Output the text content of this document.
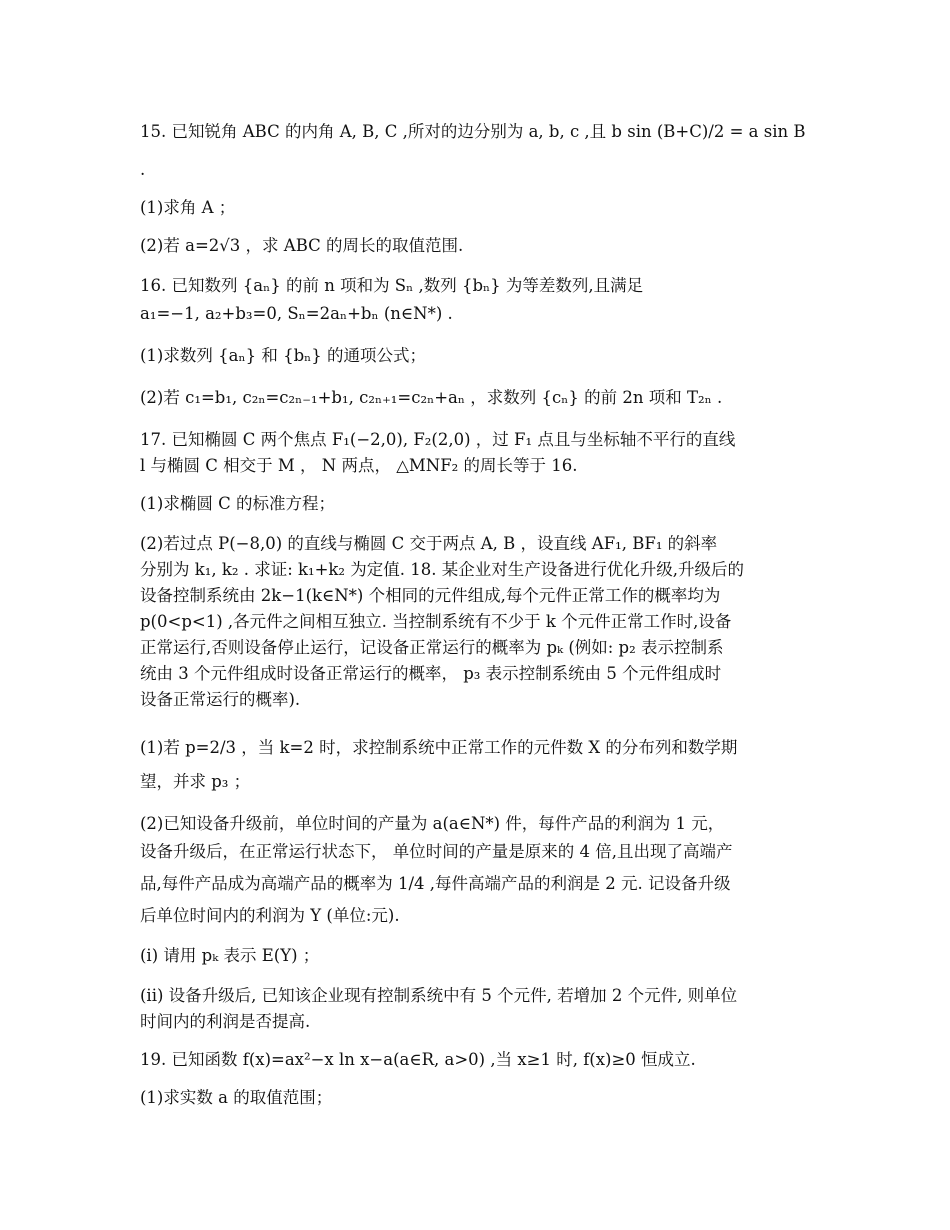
15. 已知锐角 ABC 的内角 A, B, C ,所对的边分别为 a, b, c ,且 b sin (B+C)/2 = a sin B
.
(1)求角 A ；
(2)若 a=2√3 ，求 ABC 的周长的取值范围.
16. 已知数列 {aₙ} 的前 n 项和为 Sₙ ,数列 {bₙ} 为等差数列,且满足
a₁=−1, a₂+b₃=0, Sₙ=2aₙ+bₙ (n∈N*) .
(1)求数列 {aₙ} 和 {bₙ} 的通项公式；
(2)若 c₁=b₁, c₂ₙ=c₂ₙ₋₁+b₁, c₂ₙ₊₁=c₂ₙ+aₙ ，求数列 {cₙ} 的前 2n 项和 T₂ₙ .
17. 已知椭圆 C 两个焦点 F₁(−2,0), F₂(2,0) ，过 F₁ 点且与坐标轴不平行的直线
l 与椭圆 C 相交于 M ， N 两点， △MNF₂ 的周长等于 16.
(1)求椭圆 C 的标准方程；
(2)若过点 P(−8,0) 的直线与椭圆 C 交于两点 A, B ，设直线 AF₁, BF₁ 的斜率
分别为 k₁, k₂ . 求证: k₁+k₂ 为定值. 18. 某企业对生产设备进行优化升级,升级后的
设备控制系统由 2k−1(k∈N*) 个相同的元件组成,每个元件正常工作的概率均为
p(0<p<1) ,各元件之间相互独立. 当控制系统有不少于 k 个元件正常工作时,设备
正常运行,否则设备停止运行，记设备正常运行的概率为 pₖ (例如: p₂ 表示控制系
统由 3 个元件组成时设备正常运行的概率， p₃ 表示控制系统由 5 个元件组成时
设备正常运行的概率).
(1)若 p=2/3 ，当 k=2 时，求控制系统中正常工作的元件数 X 的分布列和数学期
望，并求 p₃ ；
(2)已知设备升级前，单位时间的产量为 a(a∈N*) 件，每件产品的利润为 1 元，
设备升级后，在正常运行状态下， 单位时间的产量是原来的 4 倍,且出现了高端产
品,每件产品成为高端产品的概率为 1/4 ,每件高端产品的利润是 2 元. 记设备升级
后单位时间内的利润为 Y (单位:元).
(i) 请用 pₖ 表示 E(Y) ；
(ii) 设备升级后, 已知该企业现有控制系统中有 5 个元件, 若增加 2 个元件, 则单位
时间内的利润是否提高.
19. 已知函数 f(x)=ax²−x ln x−a(a∈R, a>0) ,当 x≥1 时, f(x)≥0 恒成立.
(1)求实数 a 的取值范围；
